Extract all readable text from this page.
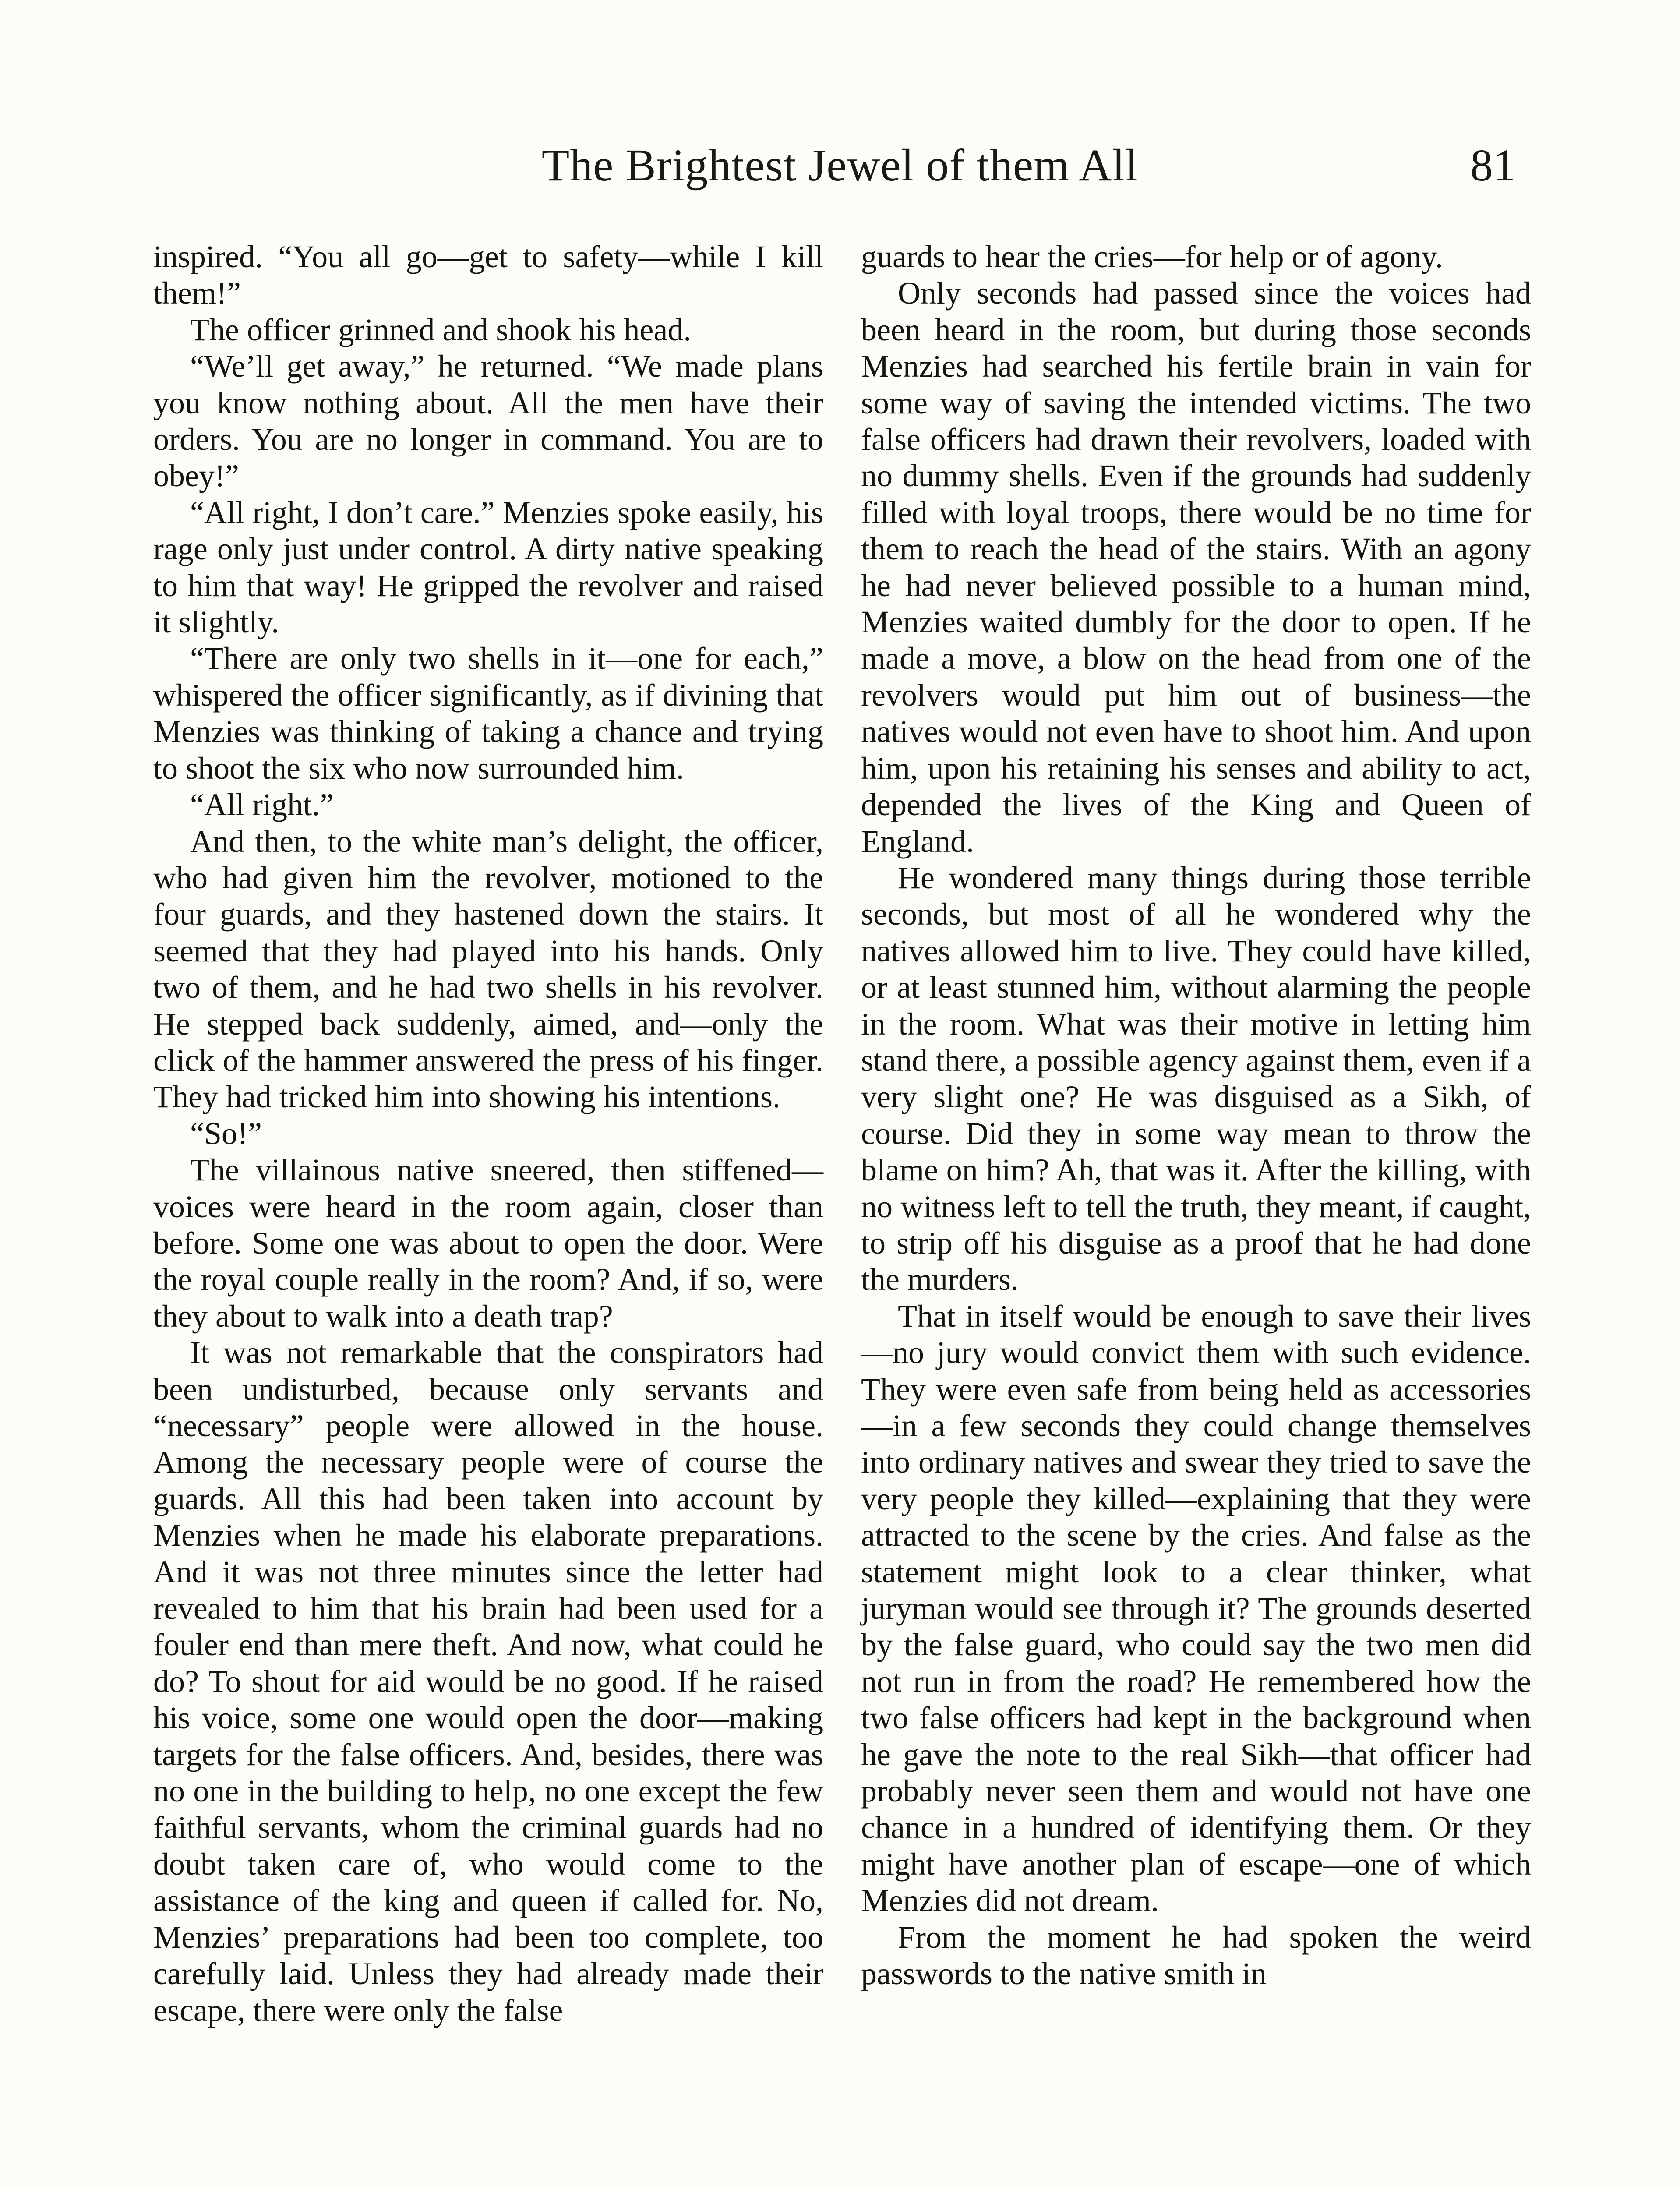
The Brightest Jewel of them All	81

inspired. “You all go—get to safety—while I kill them!”

The officer grinned and shook his head.

“We’ll get away,” he returned. “We made plans you know nothing about. All the men have their orders. You are no longer in command. You are to obey!”

“All right, I don’t care.” Menzies spoke easily, his rage only just under control. A dirty native speaking to him that way! He gripped the revolver and raised it slightly.

“There are only two shells in it—one for each,” whispered the officer significantly, as if divining that Menzies was thinking of taking a chance and trying to shoot the six who now surrounded him.

“All right.”

And then, to the white man’s delight, the officer, who had given him the revolver, motioned to the four guards, and they hastened down the stairs. It seemed that they had played into his hands. Only two of them, and he had two shells in his revolver. He stepped back suddenly, aimed, and—only the click of the hammer answered the press of his finger. They had tricked him into showing his intentions.

“So!”

The villainous native sneered, then stiffened—voices were heard in the room again, closer than before. Some one was about to open the door. Were the royal couple really in the room? And, if so, were they about to walk into a death trap?

It was not remarkable that the conspirators had been undisturbed, because only servants and “necessary” people were allowed in the house. Among the necessary people were of course the guards. All this had been taken into account by Menzies when he made his elaborate preparations. And it was not three minutes since the letter had revealed to him that his brain had been used for a fouler end than mere theft. And now, what could he do? To shout for aid would be no good. If he raised his voice, some one would open the door—making targets for the false officers. And, besides, there was no one in the building to help, no one except the few faithful servants, whom the criminal guards had no doubt taken care of, who would come to the assistance of the king and queen if called for. No, Menzies’ preparations had been too complete, too carefully laid. Unless they had already made their escape, there were only the false

guards to hear the cries—for help or of agony.

Only seconds had passed since the voices had been heard in the room, but during those seconds Menzies had searched his fertile brain in vain for some way of saving the intended victims. The two false officers had drawn their revolvers, loaded with no dummy shells. Even if the grounds had suddenly filled with loyal troops, there would be no time for them to reach the head of the stairs. With an agony he had never believed possible to a human mind, Menzies waited dumbly for the door to open. If he made a move, a blow on the head from one of the revolvers would put him out of business—the natives would not even have to shoot him. And upon him, upon his retaining his senses and ability to act, depended the lives of the King and Queen of England.

He wondered many things during those terrible seconds, but most of all he wondered why the natives allowed him to live. They could have killed, or at least stunned him, without alarming the people in the room. What was their motive in letting him stand there, a possible agency against them, even if a very slight one? He was disguised as a Sikh, of course. Did they in some way mean to throw the blame on him? Ah, that was it. After the killing, with no witness left to tell the truth, they meant, if caught, to strip off his disguise as a proof that he had done the murders.

That in itself would be enough to save their lives—no jury would convict them with such evidence. They were even safe from being held as accessories—in a few seconds they could change themselves into ordinary natives and swear they tried to save the very people they killed—explaining that they were attracted to the scene by the cries. And false as the statement might look to a clear thinker, what juryman would see through it? The grounds deserted by the false guard, who could say the two men did not run in from the road? He remembered how the two false officers had kept in the background when he gave the note to the real Sikh—that officer had probably never seen them and would not have one chance in a hundred of identifying them. Or they might have another plan of escape—one of which Menzies did not dream.

From the moment he had spoken the weird passwords to the native smith in
